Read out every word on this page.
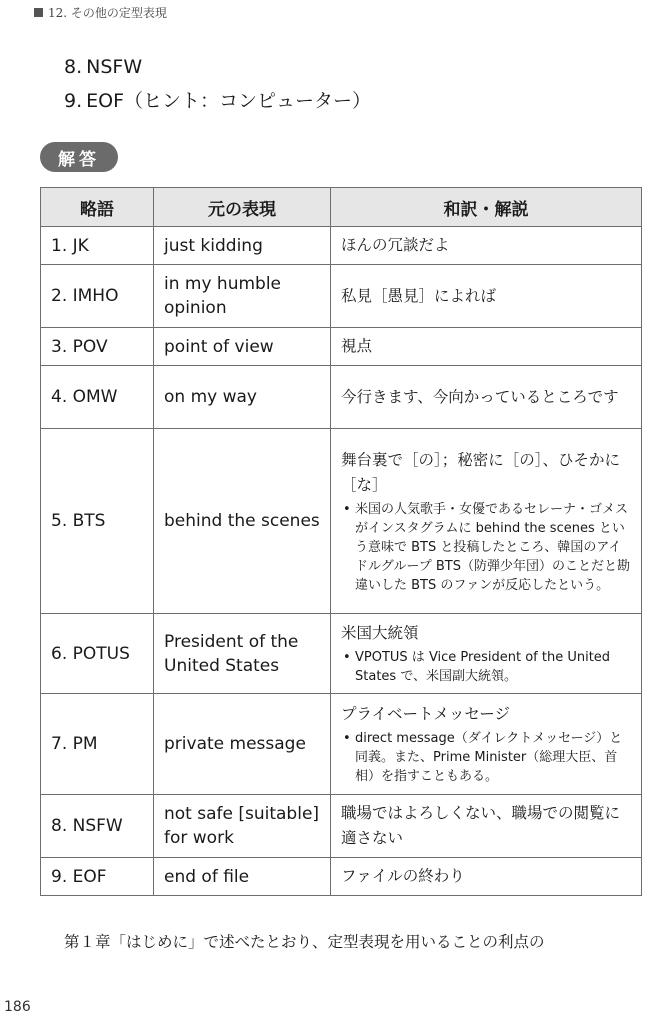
12. その他の定型表現
8. NSFW
9. EOF（ヒント：コンピューター）
解答
略語	元の表現	和訳・解説
1. JK	just kidding	ほんの冗談だよ

2. IMHO	in my humble opinion	私見［愚見］によれば

3. POV	point of view	視点

4. OMW	on my way	今行きます、今向かっているところです

5. BTS	behind the scenes	舞台裏で［の］；秘密に［の］、ひそかに［な］
• 米国の人気歌手・女優であるセレーナ・ゴメスがインスタグラムに behind the scenes という意味で BTS と投稿したところ、韓国のアイドルグループ BTS（防弾少年団）のことだと勘違いした BTS のファンが反応したという。

6. POTUS	President of the United States	米国大統領
• VPOTUS は Vice President of the United States で、米国副大統領。

7. PM	private message	プライベートメッセージ
• direct message（ダイレクトメッセージ）と同義。また、Prime Minister（総理大臣、首相）を指すこともある。

8. NSFW	not safe [suitable] for work	職場ではよろしくない、職場での閲覧に適さない

9. EOF	end of file	ファイルの終わり
第１章「はじめに」で述べたとおり、定型表現を用いることの利点の
186
